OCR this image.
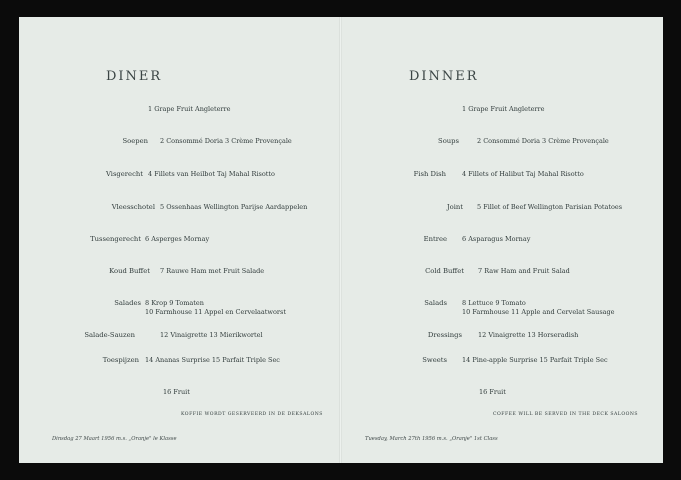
DINER
1 Grape Fruit Angleterre
Soepen 2 Consommé Doria 3 Crème Provençale
Visgerecht 4 Fillets van Heilbot Taj Mahal Risotto
Vleesschotel 5 Ossenhaas Wellington Parijse Aardappelen
Tussengerecht 6 Asperges Mornay
Koud Buffet 7 Rauwe Ham met Fruit Salade
Salades 8 Krop 9 Tomaten
10 Farmhouse 11 Appel en Cervelaatworst
Salade-Sauzen	12 Vinaigrette 13 Mierikwortel
Toespijzen 14 Ananas Surprise 15 Parfait Triple Sec
16 Fruit
KOFFIE WORDT GESERVEERD IN DE DEKSALONS
Dinsdag 27 Maart 1956 m.s. „Oranje" le Klasse
DINNER
1 Grape Fruit Angleterre
Soups	2 Consommé Doria 3 Crème Provençale
Fish Dish 4 Fillets of Halibut Taj Mahal Risotto
Joint 5 Fillet of Beef Wellington Parisian Potatoes
Entree 6 Asparagus Mornay
Cold Buffet 7 Raw Ham and Fruit Salad
Salads 8 Lettuce 9 Tomato
10 Farmhouse 11 Apple and Cervelat Sausage
Dressings 12 Vinaigrette 13 Horseradish
Sweets 14 Pine-apple Surprise 15 Parfait Triple Sec
16 Fruit
COFFEE WILL BE SERVED IN THE DECK SALOONS
Tuesday, March 27th 1956 m.s. „Oranje" 1st Class
